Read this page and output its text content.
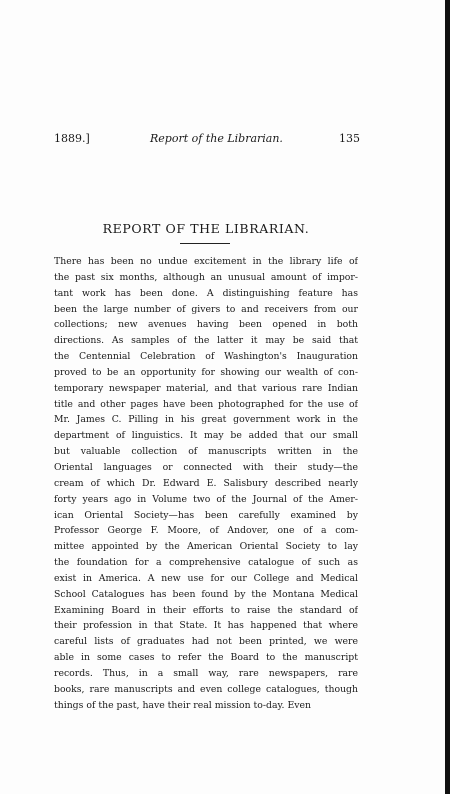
1889.]	Report of the Librarian.	135
REPORT OF THE LIBRARIAN.
There has been no undue excitement in the library life of
the past six months, although an unusual amount of impor-
tant work has been done. A distinguishing feature has
been the large number of givers to and receivers from our
collections; new avenues having been opened in both
directions. As samples of the latter it may be said that
the Centennial Celebration of Washington's Inauguration
proved to be an opportunity for showing our wealth of con-
temporary newspaper material, and that various rare Indian
title and other pages have been photographed for the use of
Mr. James C. Pilling in his great government work in the
department of linguistics. It may be added that our small
but valuable collection of manuscripts written in the
Oriental languages or connected with their study—the
cream of which Dr. Edward E. Salisbury described nearly
forty years ago in Volume two of the Journal of the Amer-
ican Oriental Society—has been carefully examined by
Professor George F. Moore, of Andover, one of a com-
mittee appointed by the American Oriental Society to lay
the foundation for a comprehensive catalogue of such as
exist in America. A new use for our College and Medical
School Catalogues has been found by the Montana Medical
Examining Board in their efforts to raise the standard of
their profession in that State. It has happened that where
careful lists of graduates had not been printed, we were
able in some cases to refer the Board to the manuscript
records. Thus, in a small way, rare newspapers, rare
books, rare manuscripts and even college catalogues, though
things of the past, have their real mission to-day. Even
